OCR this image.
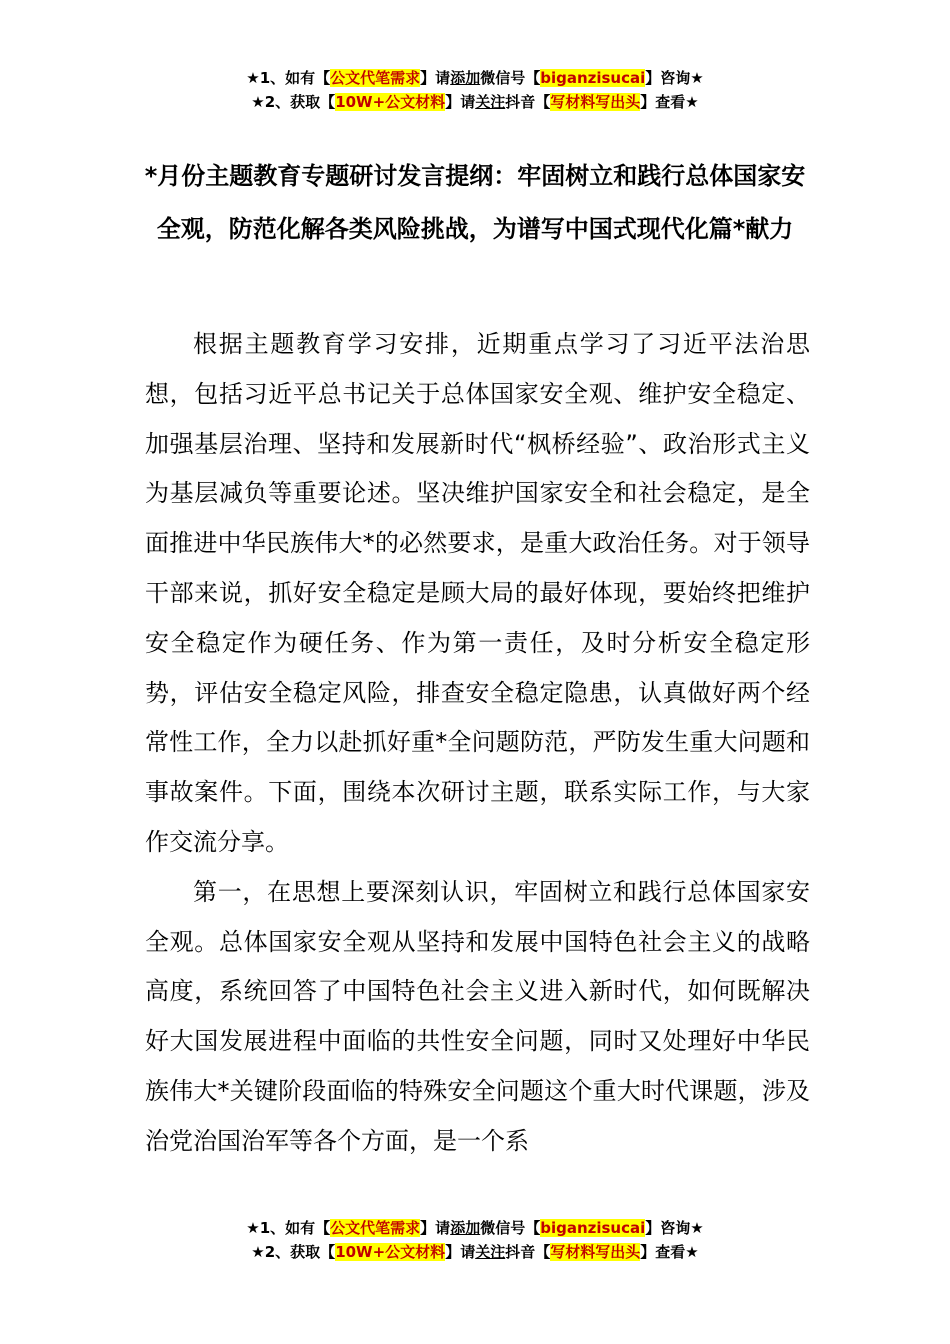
★1、如有【公文代笔需求】请添加微信号【biganzisucai】咨询★
★2、获取【10W+公文材料】请关注抖音【写材料写出头】查看★
*月份主题教育专题研讨发言提纲：牢固树立和践行总体国家安全观，防范化解各类风险挑战，为谱写中国式现代化篇*献力

根据主题教育学习安排，近期重点学习了习近平法治思想，包括习近平总书记关于总体国家安全观、维护安全稳定、加强基层治理、坚持和发展新时代“枫桥经验”、政治形式主义为基层减负等重要论述。坚决维护国家安全和社会稳定，是全面推进中华民族伟大*的必然要求，是重大政治任务。对于领导干部来说，抓好安全稳定是顾大局的最好体现，要始终把维护安全稳定作为硬任务、作为第一责任，及时分析安全稳定形势，评估安全稳定风险，排查安全稳定隐患，认真做好两个经常性工作，全力以赴抓好重*全问题防范，严防发生重大问题和事故案件。下面，围绕本次研讨主题，联系实际工作，与大家作交流分享。

第一，在思想上要深刻认识，牢固树立和践行总体国家安全观。总体国家安全观从坚持和发展中国特色社会主义的战略高度，系统回答了中国特色社会主义进入新时代，如何既解决好大国发展进程中面临的共性安全问题，同时又处理好中华民族伟大*关键阶段面临的特殊安全问题这个重大时代课题，涉及治党治国治军等各个方面，是一个系

★1、如有【公文代笔需求】请添加微信号【biganzisucai】咨询★
★2、获取【10W+公文材料】请关注抖音【写材料写出头】查看★
